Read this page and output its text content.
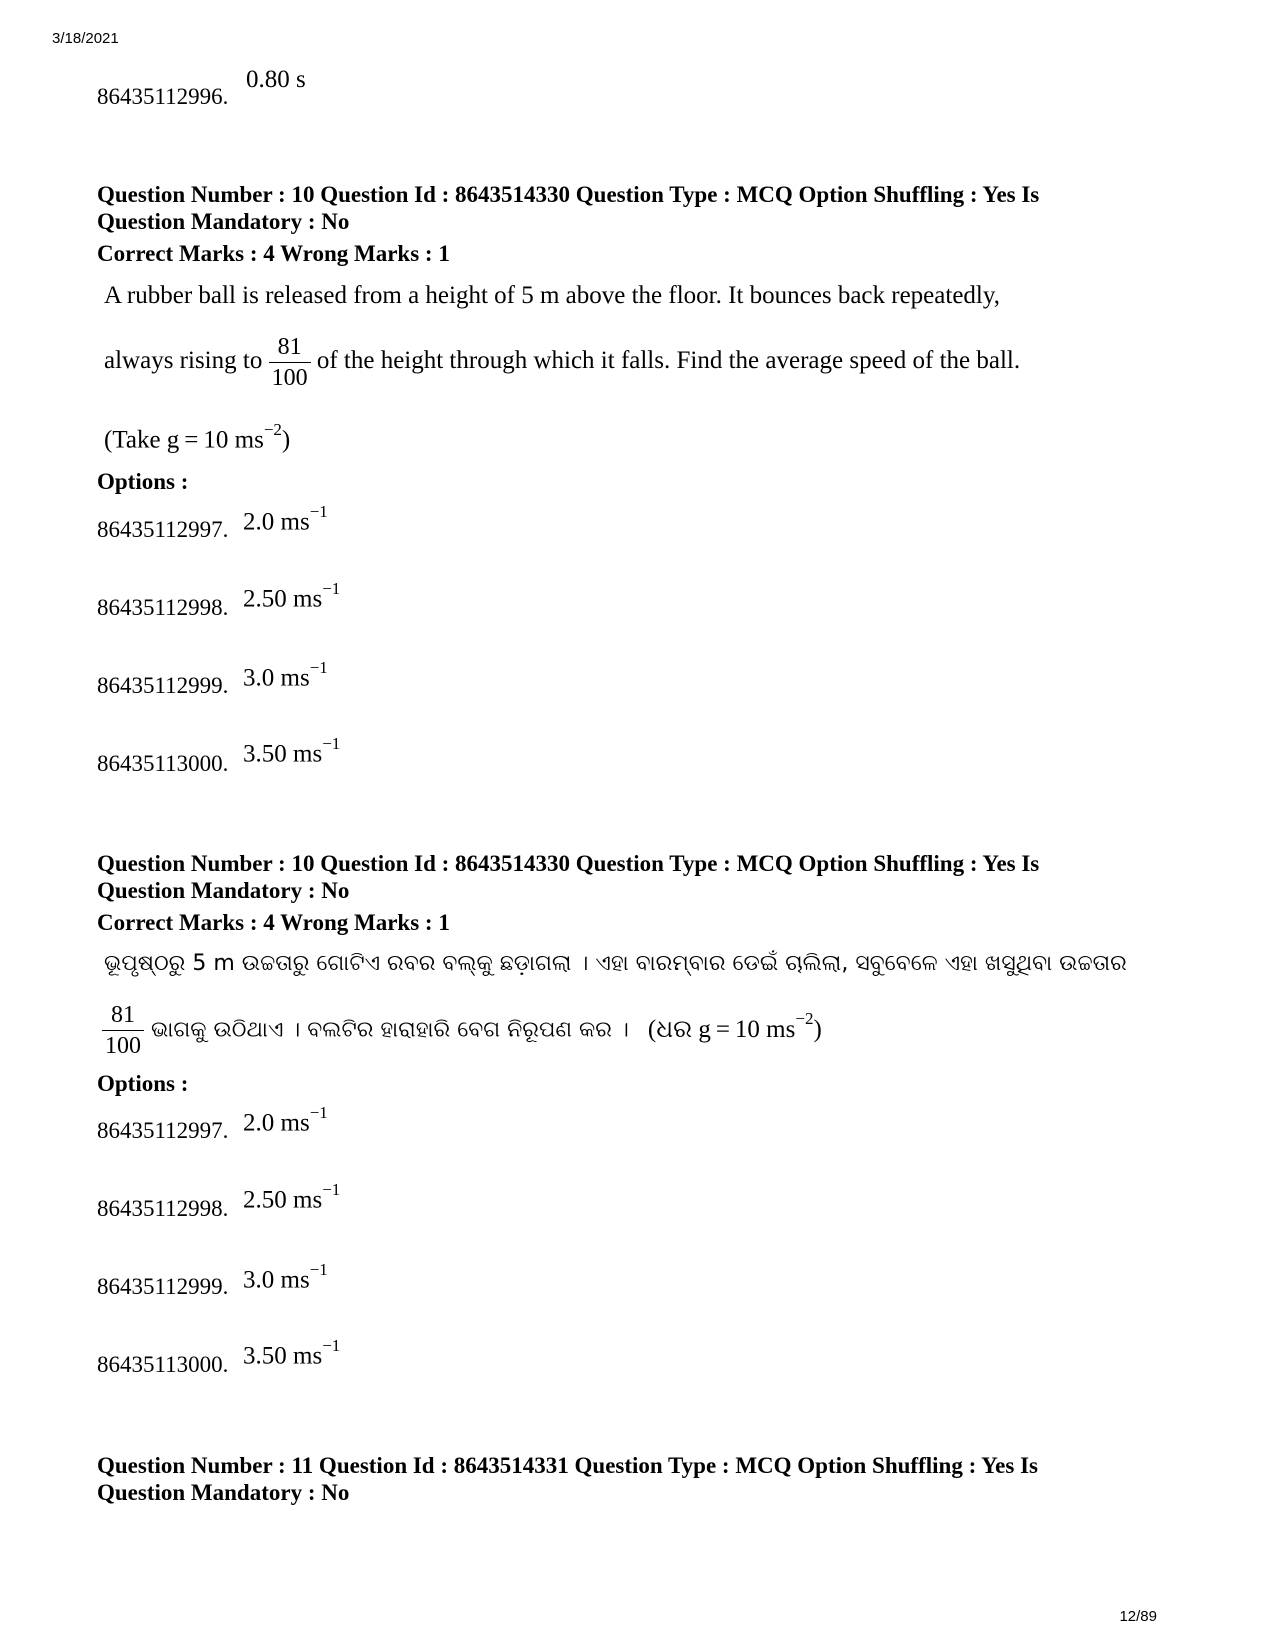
3/18/2021
12/89
86435112996.
0.80 s
Question Number : 10 Question Id : 8643514330 Question Type : MCQ Option Shuffling : Yes Is
Question Mandatory : No
Correct Marks : 4 Wrong Marks : 1
A rubber ball is released from a height of 5 m above the floor. It bounces back repeatedly,
always rising to $\frac{81}{100}$ of the height through which it falls. Find the average speed of the ball.
(Take g = 10 $ms^{-2}$)
Options :
86435112997. 2.0 $ms^{-1}$
86435112998. 2.50 $ms^{-1}$
86435112999. 3.0 $ms^{-1}$
86435113000. 3.50 $ms^{-1}$
Question Number : 10 Question Id : 8643514330 Question Type : MCQ Option Shuffling : Yes Is
Question Mandatory : No
Correct Marks : 4 Wrong Marks : 1
ଭୂପୃଷ୍ଠରୁ 5 m ଉଚ୍ଚତାରୁ ଗୋଟିଏ ରବର ବଲ୍କୁ ଛଡ଼ାଗଲା । ଏହା ବାରମ୍ବାର ଡେଇଁ ଚାଲିଲା, ସବୁବେଳେ ଏହା ଖସୁଥିବା ଉଚ୍ଚତାର
$\frac{81}{100}$ ଭାଗକୁ ଉଠିଥାଏ । ବଲଟିର ହାରାହାରି ବେଗ ନିରୂପଣ କର । (ଧର g = 10 $ms^{-2}$)
Options :
86435112997. 2.0 $ms^{-1}$
86435112998. 2.50 $ms^{-1}$
86435112999. 3.0 $ms^{-1}$
86435113000. 3.50 $ms^{-1}$
Question Number : 11 Question Id : 8643514331 Question Type : MCQ Option Shuffling : Yes Is
Question Mandatory : No
